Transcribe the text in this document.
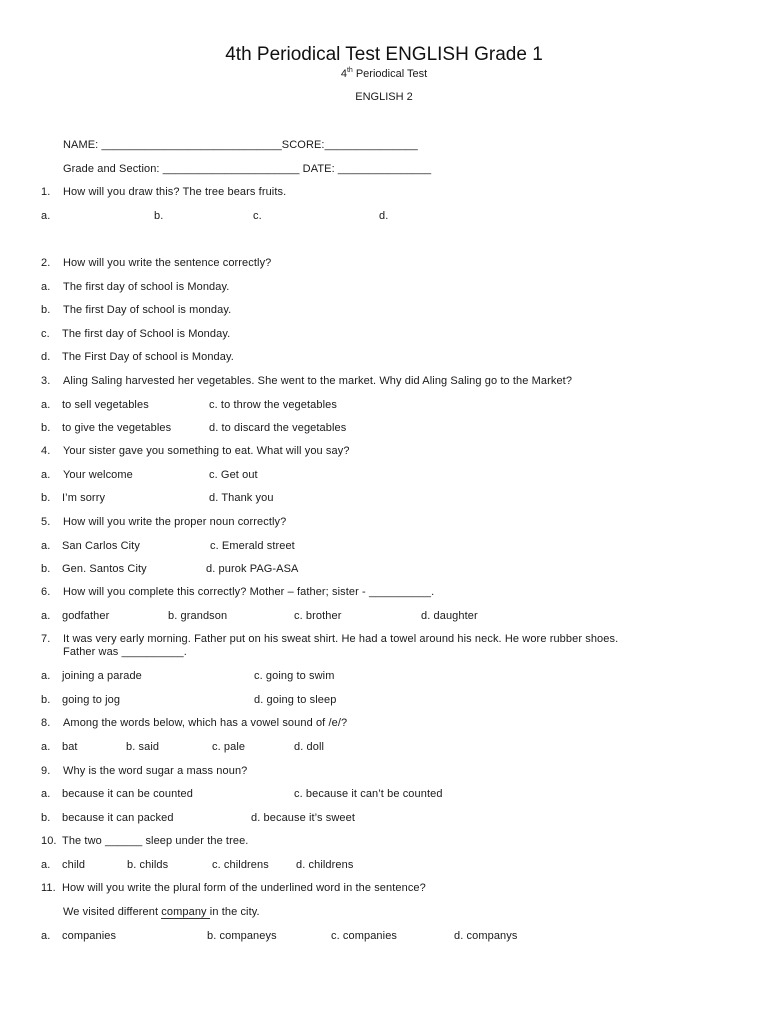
4th Periodical Test ENGLISH Grade 1
4th Periodical Test
ENGLISH 2
NAME: _____________________________SCORE:_______________
Grade and Section: ______________________ DATE: _______________
1. How will you draw this? The tree bears fruits.
a.	b.	c.	d.
2. How will you write the sentence correctly?
a. The first day of school is Monday.
b. The first Day of school is monday.
c. The first day of School is Monday.
d. The First Day of school is Monday.
3. Aling Saling harvested her vegetables. She went to the market. Why did Aling Saling go to the Market?
a. to sell vegetables	c. to throw the vegetables
b. to give the vegetables	d. to discard the vegetables
4. Your sister gave you something to eat. What will you say?
a. Your welcome	c. Get out
b. I’m sorry	d. Thank you
5. How will you write the proper noun correctly?
a. San Carlos City	c. Emerald street
b. Gen. Santos City	d. purok PAG-ASA
6. How will you complete this correctly? Mother – father; sister - __________.
a. godfather	b. grandson	c. brother	d. daughter
7. It was very early morning. Father put on his sweat shirt. He had a towel around his neck. He wore rubber shoes.
Father was __________.
a. joining a parade	c. going to swim
b. going to jog	d. going to sleep
8. Among the words below, which has a vowel sound of /e/?
a. bat	b. said	c. pale	d. doll
9. Why is the word sugar a mass noun?
a. because it can be counted	c. because it can’t be counted
b. because it can packed	d. because it’s sweet
10. The two ______ sleep under the tree.
a. child	b. childs	c. childrens d. childrens
11. How will you write the plural form of the underlined word in the sentence?
We visited different company in the city.
a. companies	b. companeys	c. companies	d. companys
